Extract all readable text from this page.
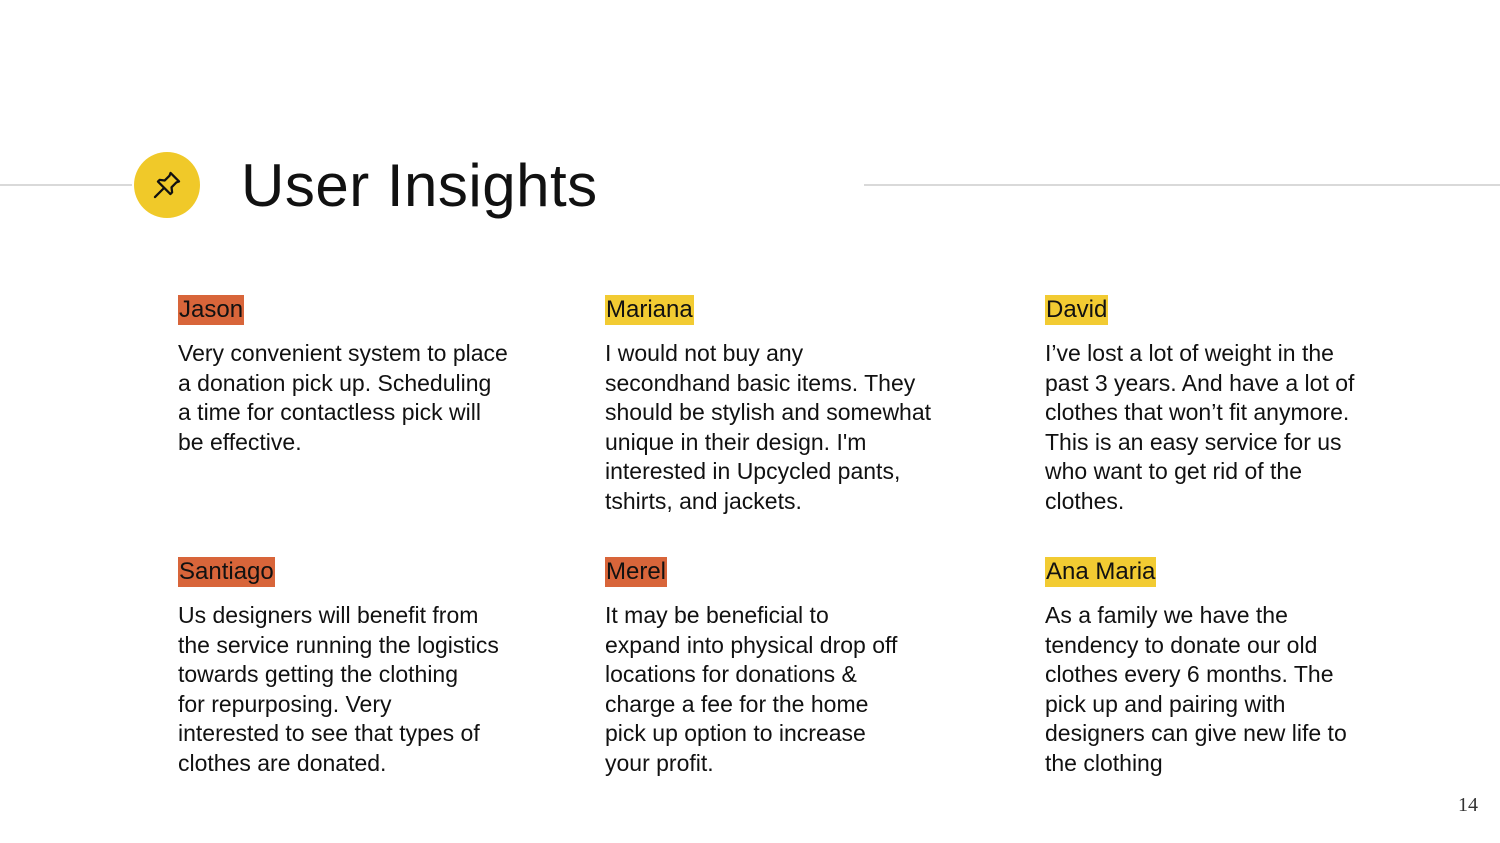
User Insights
Jason
Very convenient system to place
a donation pick up. Scheduling
a time for contactless pick will
be effective.
Mariana
I would not buy any
secondhand basic items. They
should be stylish and somewhat
unique in their design. I'm
interested in Upcycled pants,
tshirts, and jackets.
David
I’ve lost a lot of weight in the
past 3 years. And have a lot of
clothes that won’t fit anymore.
This is an easy service for us
who want to get rid of the
clothes.
Santiago
Us designers will benefit from
the service running the logistics
towards getting the clothing
for repurposing. Very
interested to see that types of
clothes are donated.
Merel
It may be beneficial to
expand into physical drop off
locations for donations &
charge a fee for the home
pick up option to increase
your profit.
Ana Maria
As a family we have the
tendency to donate our old
clothes every 6 months. The
pick up and pairing with
designers can give new life to
the clothing
14
